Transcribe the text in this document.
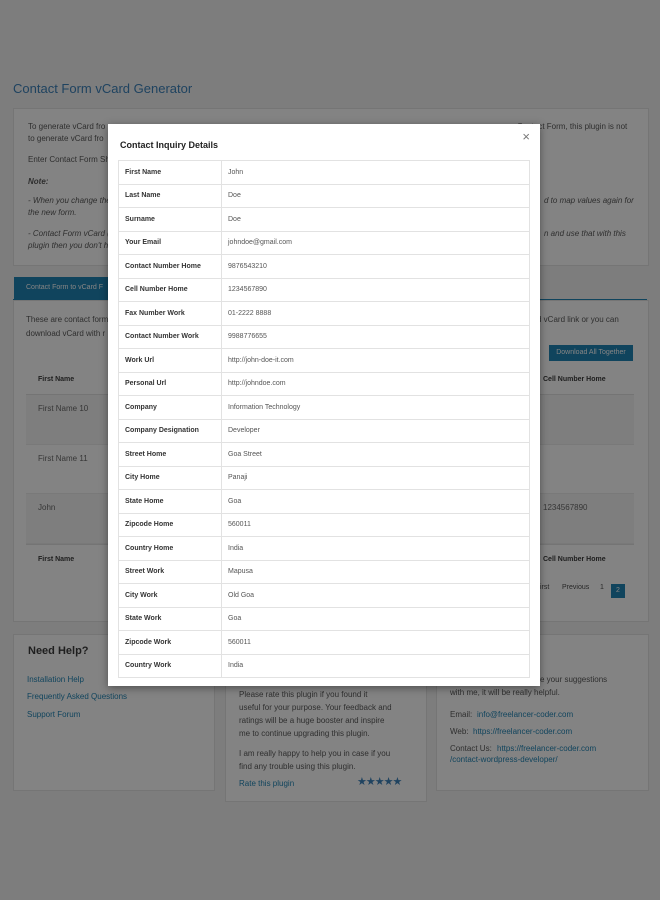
Contact Inquiry Details
×
First Name	John
Last Name	Doe
Surname	Doe
Your Email	johndoe@gmail.com
Contact Number Home	9876543210
Cell Number Home	1234567890
Fax Number Work	01-2222 8888
Contact Number Work	9988776655
Work Url	http://john-doe-it.com
Personal Url	http://johndoe.com
Company	Information Technology
Company Designation	Developer
Street Home	Goa Street
City Home	Panaji
State Home	Goa
Zipcode Home	560011
Country Home	India
Street Work	Mapusa
City Work	Old Goa
State Work	Goa
Zipcode Work	560011
Country Work	India
